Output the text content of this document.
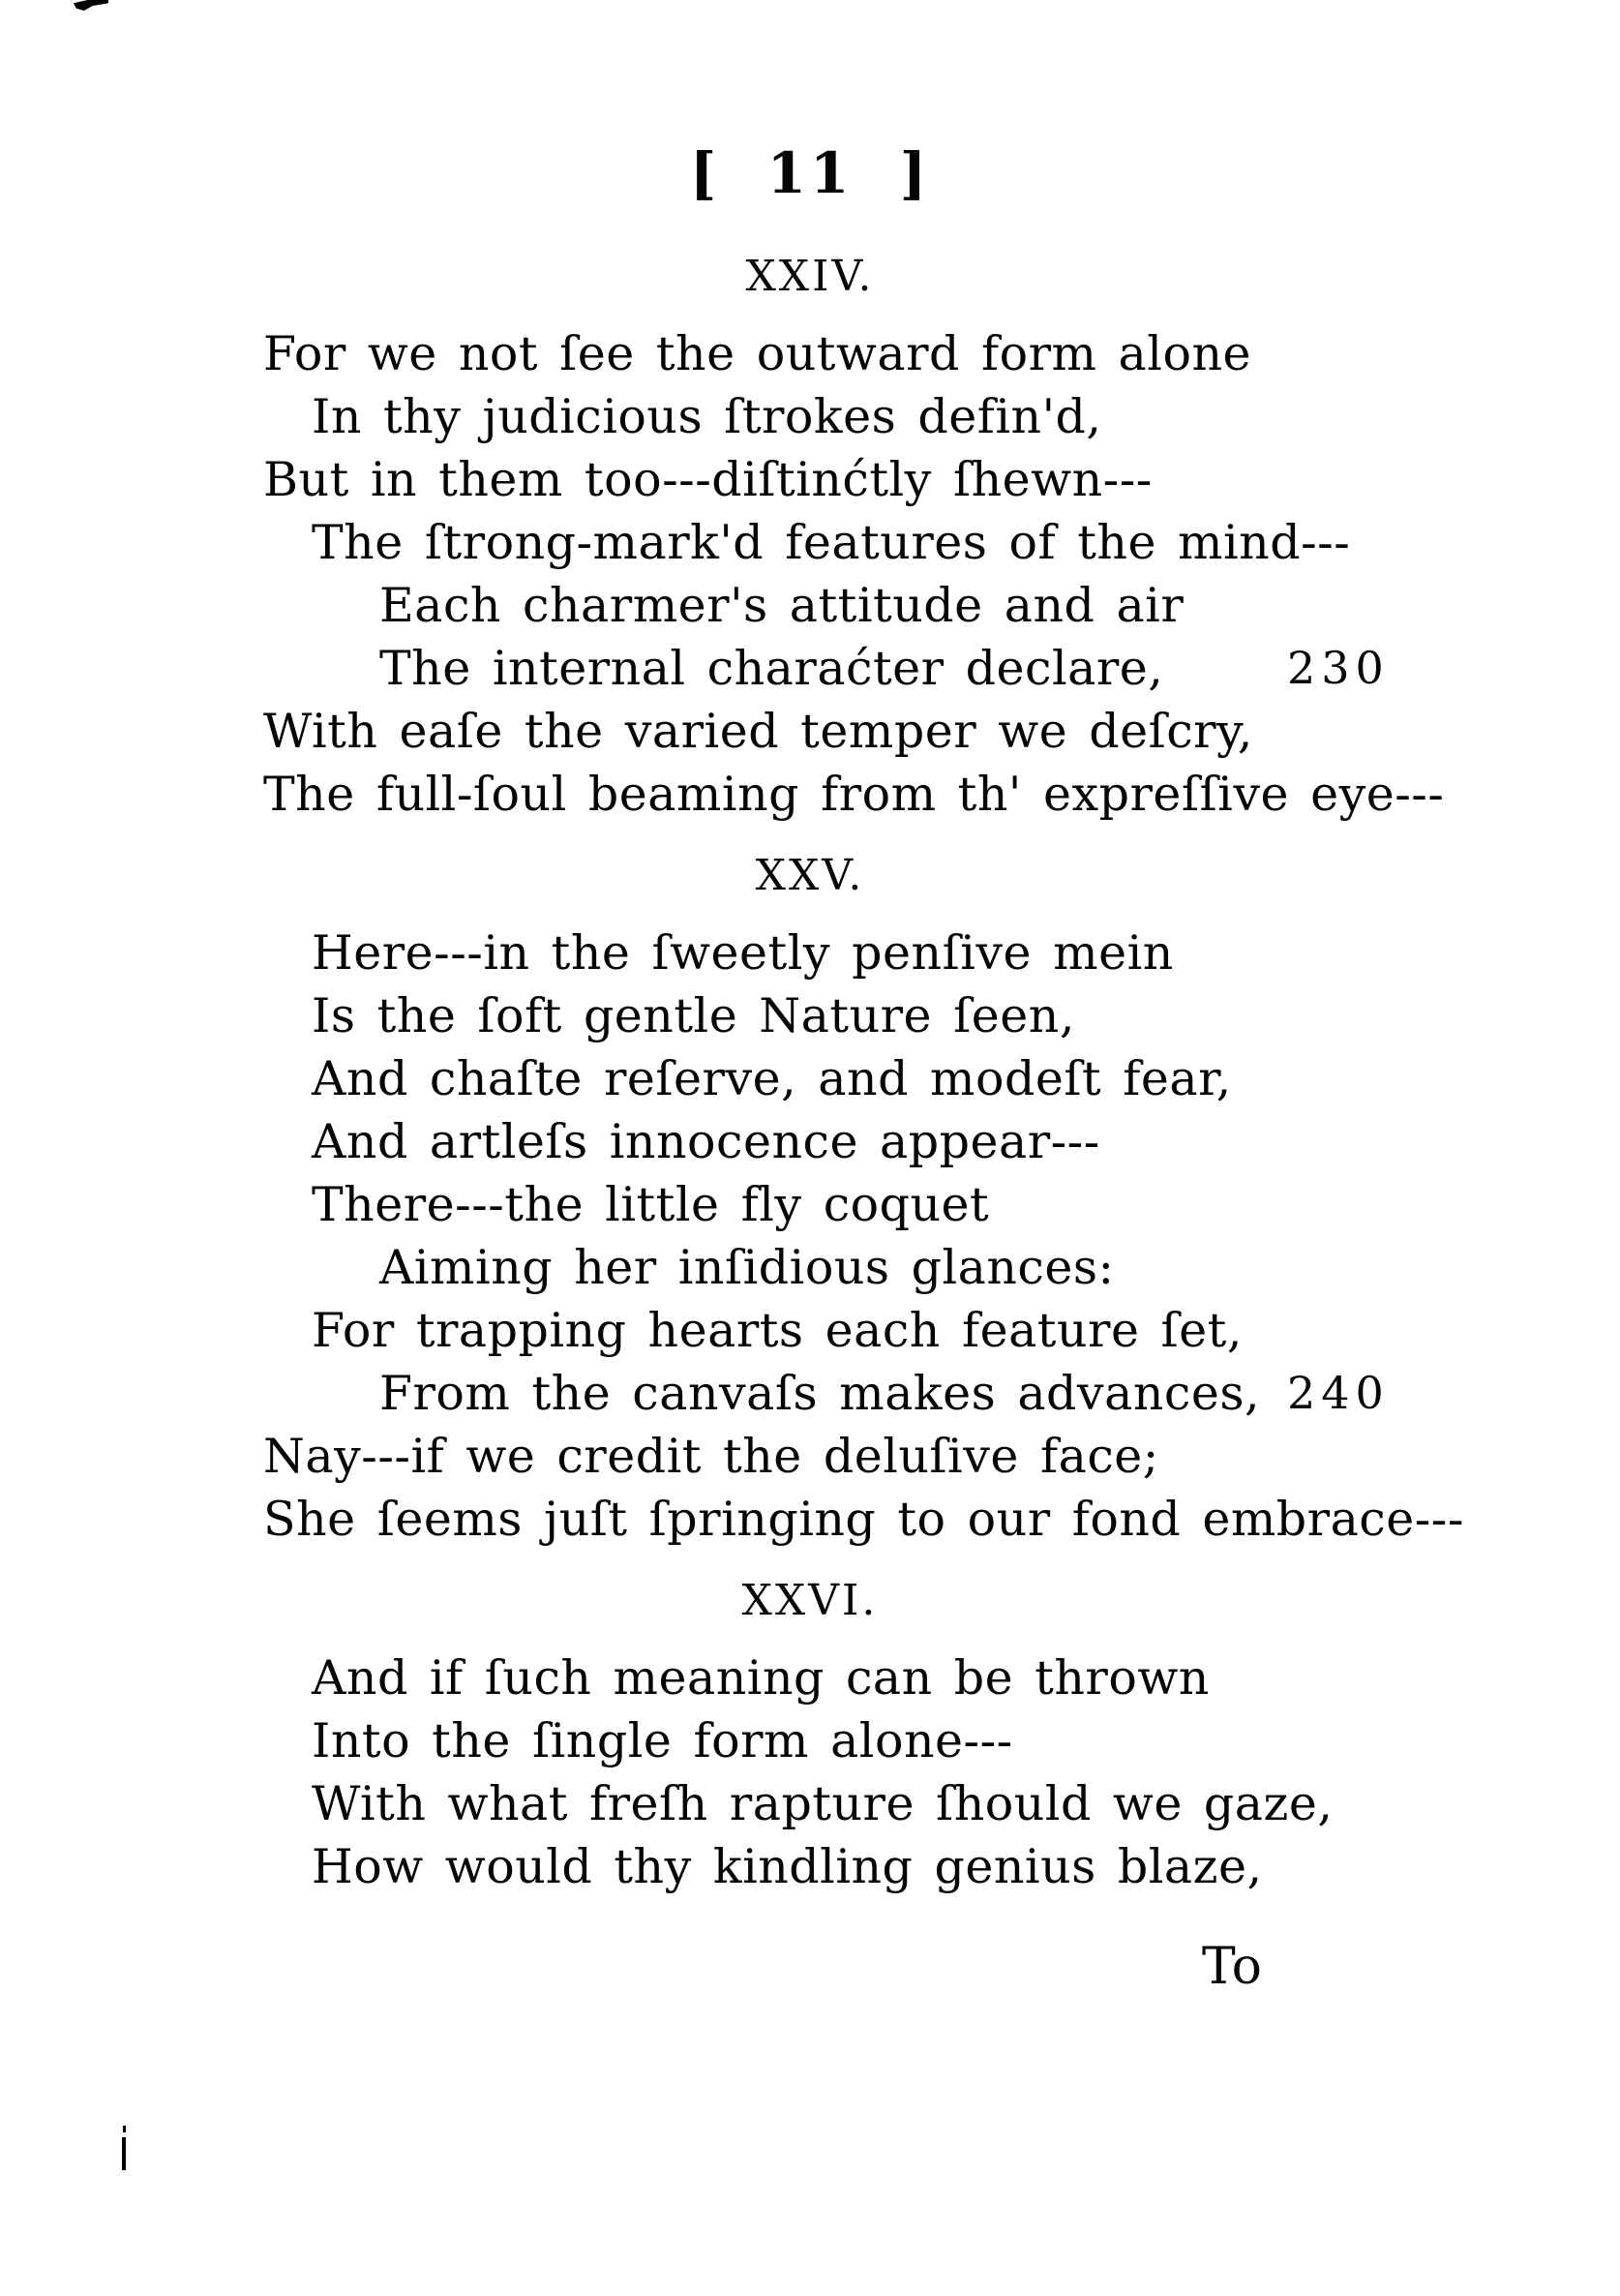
[  11  ]
XXIV.
For we not ſee the outward form alone
In thy judicious ſtrokes defin'd,
But in them too---diſtinćtly ſhewn---
The ſtrong-mark'd features of the mind---
Each charmer's attitude and air
The internal charaćter declare,	230
With eaſe the varied temper we deſcry,
The full-ſoul beaming from th' expreſſive eye---
XXV.
Here---in the ſweetly penſive mein
Is the ſoft gentle Nature ſeen,
And chaſte reſerve, and modeſt fear,
And artleſs innocence appear---
There---the little fly coquet
Aiming her inſidious glances:
For trapping hearts each feature ſet,
From the canvaſs makes advances, 240
Nay---if we credit the deluſive face;
She ſeems juſt ſpringing to our fond embrace---
XXVI.
And if ſuch meaning can be thrown
Into the ſingle form alone---
With what freſh rapture ſhould we gaze,
How would thy kindling genius blaze,
To
